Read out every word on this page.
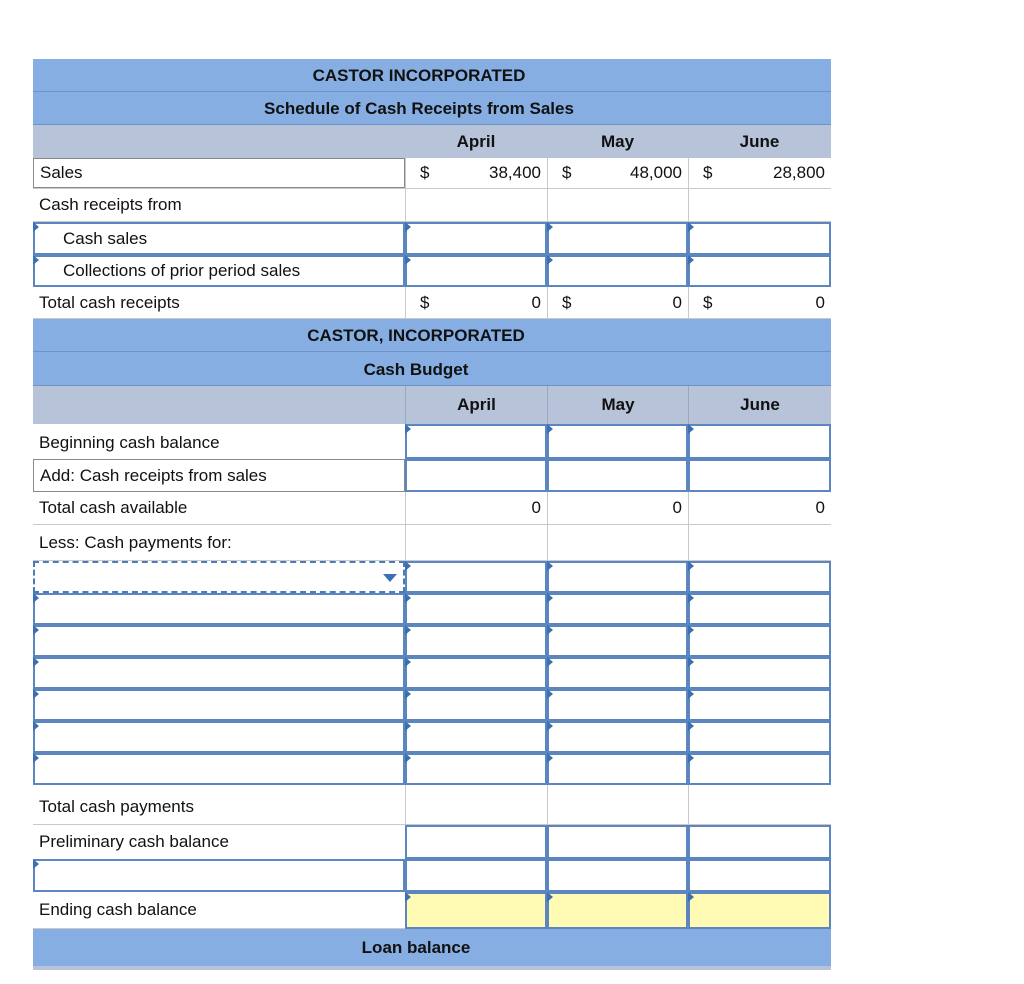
CASTOR INCORPORATED
Schedule of Cash Receipts from Sales
April	May	June
Sales	$	38,400 $	48,000 $	28,800
Cash receipts from
Cash sales
Collections of prior period sales
Total cash receipts	$	0 $	0 $	0
CASTOR, INCORPORATED
Cash Budget
April	May	June
Beginning cash balance
Add: Cash receipts from sales
Total cash available	0	0	0
Less: Cash payments for:
Total cash payments
Preliminary cash balance
Ending cash balance
Loan balance
